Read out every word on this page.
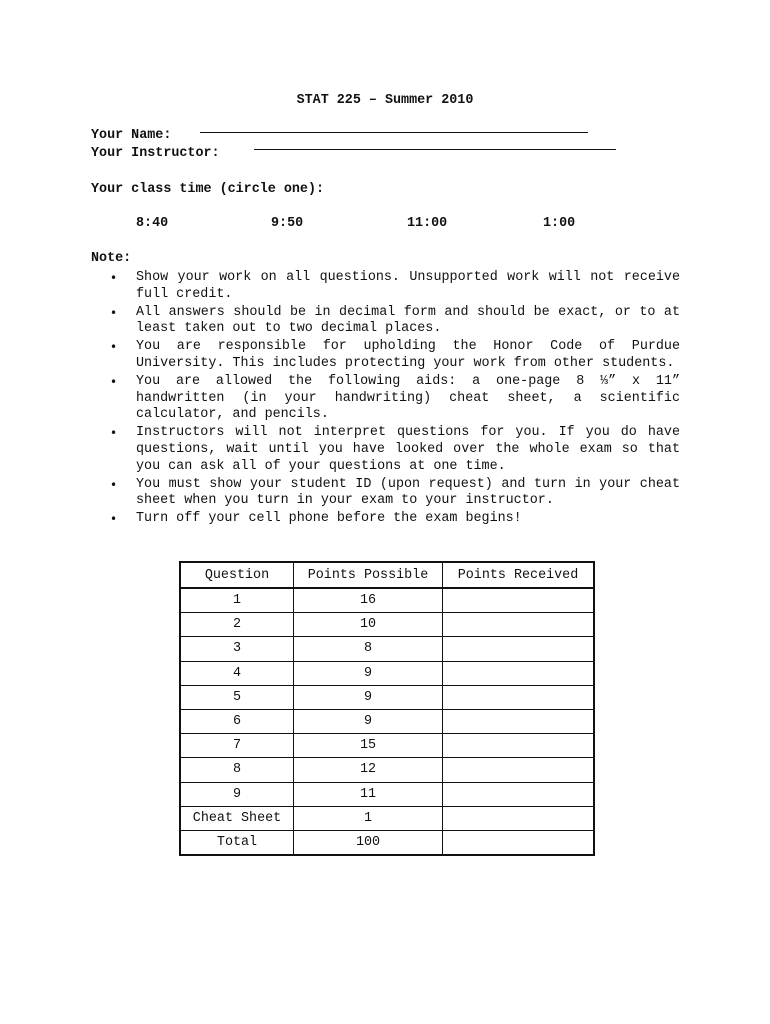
STAT 225 – Summer 2010
Your Name:
Your Instructor:
Your class time (circle one):
8:40	9:50	11:00	1:00
Note:
• Show your work on all questions. Unsupported work will not receive full credit.
• All answers should be in decimal form and should be exact, or to at least taken out to two decimal places.
• You are responsible for upholding the Honor Code of Purdue University. This includes protecting your work from other students.
• You are allowed the following aids: a one-page 8 ⅓” x 11” handwritten (in your handwriting) cheat sheet, a scientific calculator, and pencils.
• Instructors will not interpret questions for you. If you do have questions, wait until you have looked over the whole exam so that you can ask all of your questions at one time.
• You must show your student ID (upon request) and turn in your cheat sheet when you turn in your exam to your instructor.
• Turn off your cell phone before the exam begins!
Question	Points Possible	Points Received
1	16	
2	10	
3	8	
4	9	
5	9	
6	9	
7	15	
8	12	
9	11	
Cheat Sheet	1	
Total	100	
